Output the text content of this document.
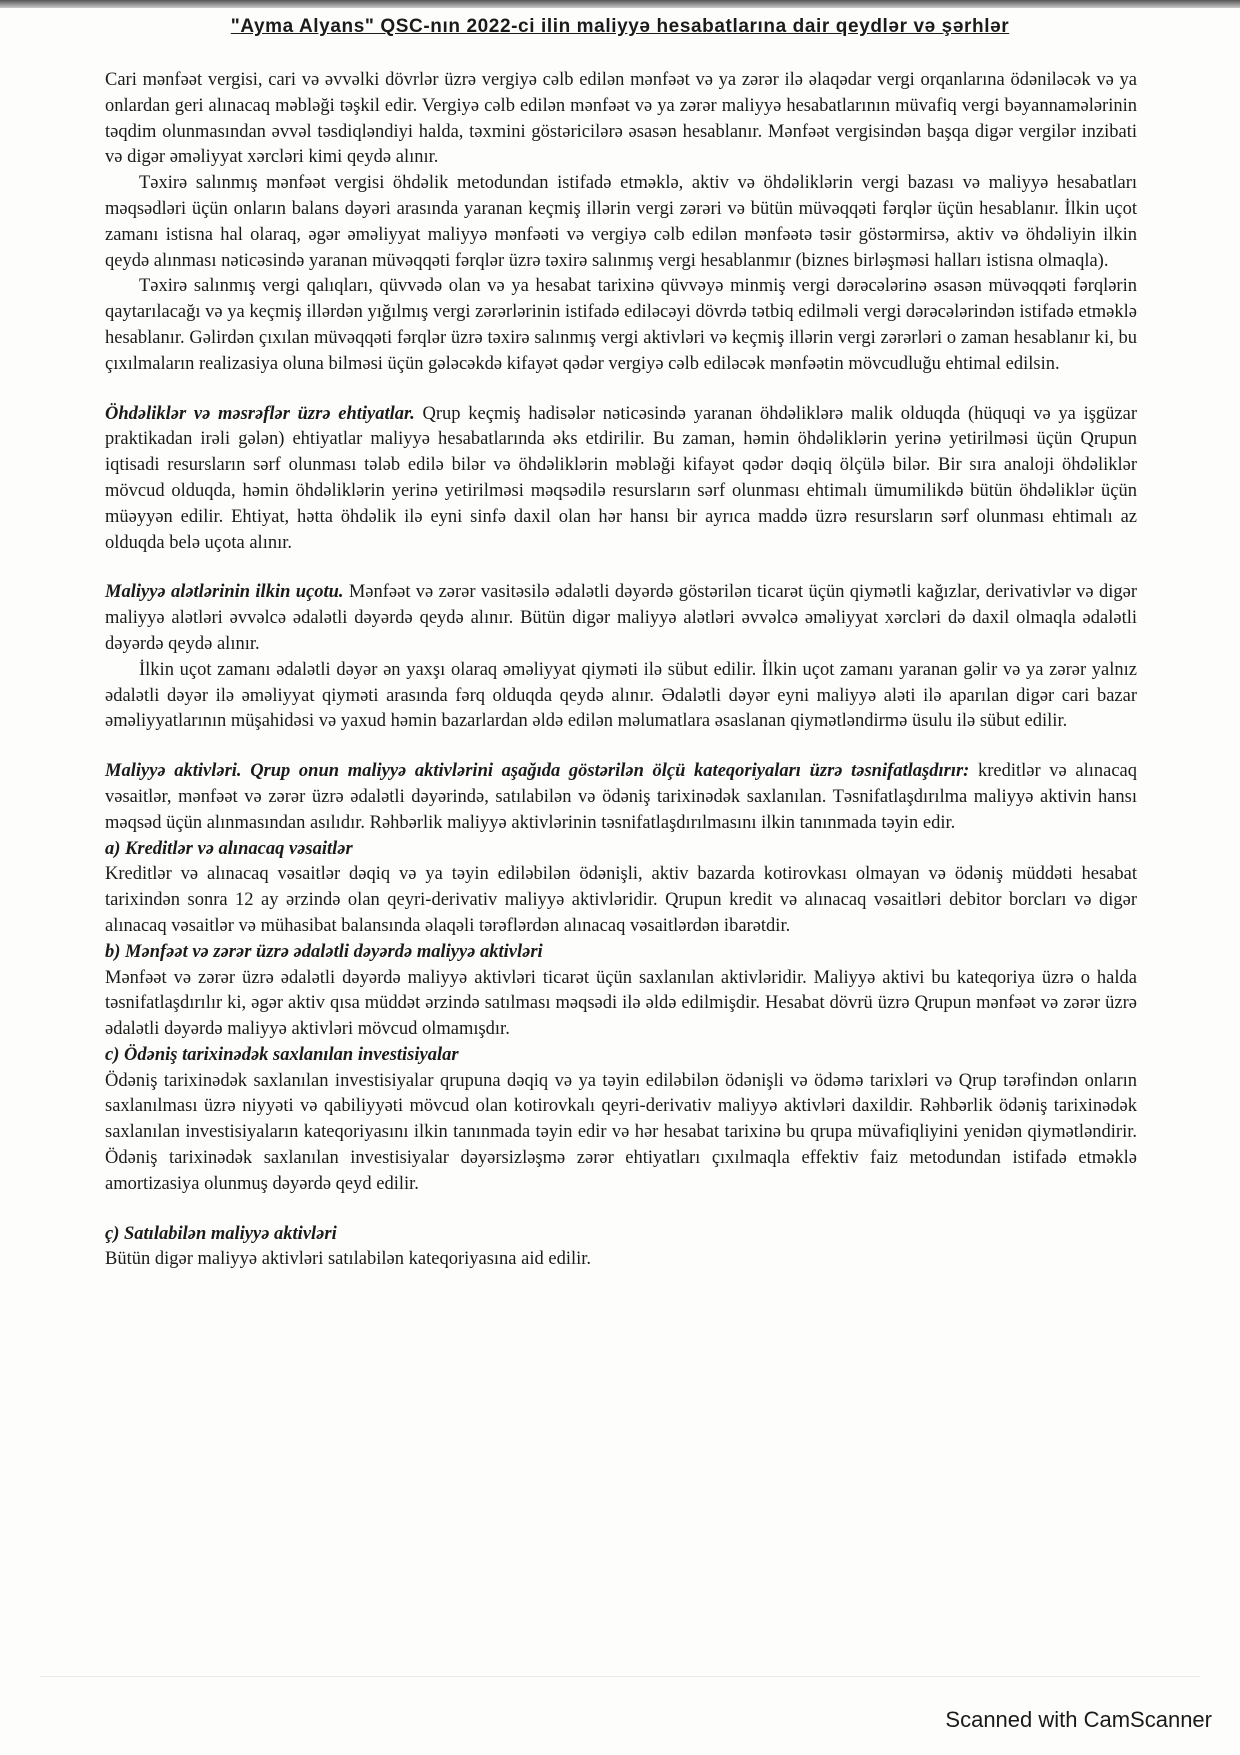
"Ayma Alyans" QSC-nın 2022-ci ilin maliyyə hesabatlarına dair qeydlər və şərhlər

Cari mənfəət vergisi, cari və əvvəlki dövrlər üzrə vergiyə cəlb edilən mənfəət və ya zərər ilə əlaqədar vergi orqanlarına ödəniləcək və ya onlardan geri alınacaq məbləği təşkil edir. Vergiyə cəlb edilən mənfəət və ya zərər maliyyə hesabatlarının müvafiq vergi bəyannamələrinin təqdim olunmasından əvvəl təsdiqləndiyi halda, təxmini göstəricilərə əsasən hesablanır. Mənfəət vergisindən başqa digər vergilər inzibati və digər əməliyyat xərcləri kimi qeydə alınır.

Təxirə salınmış mənfəət vergisi öhdəlik metodundan istifadə etməklə, aktiv və öhdəliklərin vergi bazası və maliyyə hesabatları məqsədləri üçün onların balans dəyəri arasında yaranan keçmiş illərin vergi zərəri və bütün müvəqqəti fərqlər üçün hesablanır. İlkin uçot zamanı istisna hal olaraq, əgər əməliyyat maliyyə mənfəəti və vergiyə cəlb edilən mənfəətə təsir göstərmirsə, aktiv və öhdəliyin ilkin qeydə alınması nəticəsində yaranan müvəqqəti fərqlər üzrə təxirə salınmış vergi hesablanmır (biznes birləşməsi halları istisna olmaqla).

Təxirə salınmış vergi qalıqları, qüvvədə olan və ya hesabat tarixinə qüvvəyə minmiş vergi dərəcələrinə əsasən müvəqqəti fərqlərin qaytarılacağı və ya keçmiş illərdən yığılmış vergi zərərlərinin istifadə ediləcəyi dövrdə tətbiq edilməli vergi dərəcələrindən istifadə etməklə hesablanır. Gəlirdən çıxılan müvəqqəti fərqlər üzrə təxirə salınmış vergi aktivləri və keçmiş illərin vergi zərərləri o zaman hesablanır ki, bu çıxılmaların realizasiya oluna bilməsi üçün gələcəkdə kifayət qədər vergiyə cəlb ediləcək mənfəətin mövcudluğu ehtimal edilsin.

Öhdəliklər və məsrəflər üzrə ehtiyatlar. Qrup keçmiş hadisələr nəticəsində yaranan öhdəliklərə malik olduqda (hüquqi və ya işgüzar praktikadan irəli gələn) ehtiyatlar maliyyə hesabatlarında əks etdirilir. Bu zaman, həmin öhdəliklərin yerinə yetirilməsi üçün Qrupun iqtisadi resursların sərf olunması tələb edilə bilər və öhdəliklərin məbləği kifayət qədər dəqiq ölçülə bilər. Bir sıra analoji öhdəliklər mövcud olduqda, həmin öhdəliklərin yerinə yetirilməsi məqsədilə resursların sərf olunması ehtimalı ümumilikdə bütün öhdəliklər üçün müəyyən edilir. Ehtiyat, hətta öhdəlik ilə eyni sinfə daxil olan hər hansı bir ayrıca maddə üzrə resursların sərf olunması ehtimalı az olduqda belə uçota alınır.

Maliyyə alətlərinin ilkin uçotu. Mənfəət və zərər vasitəsilə ədalətli dəyərdə göstərilən ticarət üçün qiymətli kağızlar, derivativlər və digər maliyyə alətləri əvvəlcə ədalətli dəyərdə qeydə alınır. Bütün digər maliyyə alətləri əvvəlcə əməliyyat xərcləri də daxil olmaqla ədalətli dəyərdə qeydə alınır.

İlkin uçot zamanı ədalətli dəyər ən yaxşı olaraq əməliyyat qiyməti ilə sübut edilir. İlkin uçot zamanı yaranan gəlir və ya zərər yalnız ədalətli dəyər ilə əməliyyat qiyməti arasında fərq olduqda qeydə alınır. Ədalətli dəyər eyni maliyyə aləti ilə aparılan digər cari bazar əməliyyatlarının müşahidəsi və yaxud həmin bazarlardan əldə edilən məlumatlara əsaslanan qiymətləndirmə üsulu ilə sübut edilir.

Maliyyə aktivləri. Qrup onun maliyyə aktivlərini aşağıda göstərilən ölçü kateqoriyaları üzrə təsnifatlaşdırır: kreditlər və alınacaq vəsaitlər, mənfəət və zərər üzrə ədalətli dəyərində, satılabilən və ödəniş tarixinədək saxlanılan. Təsnifatlaşdırılma maliyyə aktivin hansı məqsəd üçün alınmasından asılıdır. Rəhbərlik maliyyə aktivlərinin təsnifatlaşdırılmasını ilkin tanınmada təyin edir.

a) Kreditlər və alınacaq vəsaitlər

Kreditlər və alınacaq vəsaitlər dəqiq və ya təyin ediləbilən ödənişli, aktiv bazarda kotirovkası olmayan və ödəniş müddəti hesabat tarixindən sonra 12 ay ərzində olan qeyri-derivativ maliyyə aktivləridir. Qrupun kredit və alınacaq vəsaitləri debitor borcları və digər alınacaq vəsaitlər və mühasibat balansında əlaqəli tərəflərdən alınacaq vəsaitlərdən ibarətdir.

b) Mənfəət və zərər üzrə ədalətli dəyərdə maliyyə aktivləri

Mənfəət və zərər üzrə ədalətli dəyərdə maliyyə aktivləri ticarət üçün saxlanılan aktivləridir. Maliyyə aktivi bu kateqoriya üzrə o halda təsnifatlaşdırılır ki, əgər aktiv qısa müddət ərzində satılması məqsədi ilə əldə edilmişdir. Hesabat dövrü üzrə Qrupun mənfəət və zərər üzrə ədalətli dəyərdə maliyyə aktivləri mövcud olmamışdır.

c) Ödəniş tarixinədək saxlanılan investisiyalar

Ödəniş tarixinədək saxlanılan investisiyalar qrupuna dəqiq və ya təyin ediləbilən ödənişli və ödəmə tarixləri və Qrup tərəfindən onların saxlanılması üzrə niyyəti və qabiliyyəti mövcud olan kotirovkalı qeyri-derivativ maliyyə aktivləri daxildir. Rəhbərlik ödəniş tarixinədək saxlanılan investisiyaların kateqoriyasını ilkin tanınmada təyin edir və hər hesabat tarixinə bu qrupa müvafiqliyini yenidən qiymətləndirir. Ödəniş tarixinədək saxlanılan investisiyalar dəyərsizləşmə zərər ehtiyatları çıxılmaqla effektiv faiz metodundan istifadə etməklə amortizasiya olunmuş dəyərdə qeyd edilir.

ç) Satılabilən maliyyə aktivləri

Bütün digər maliyyə aktivləri satılabilən kateqoriyasına aid edilir.

Scanned with CamScanner
